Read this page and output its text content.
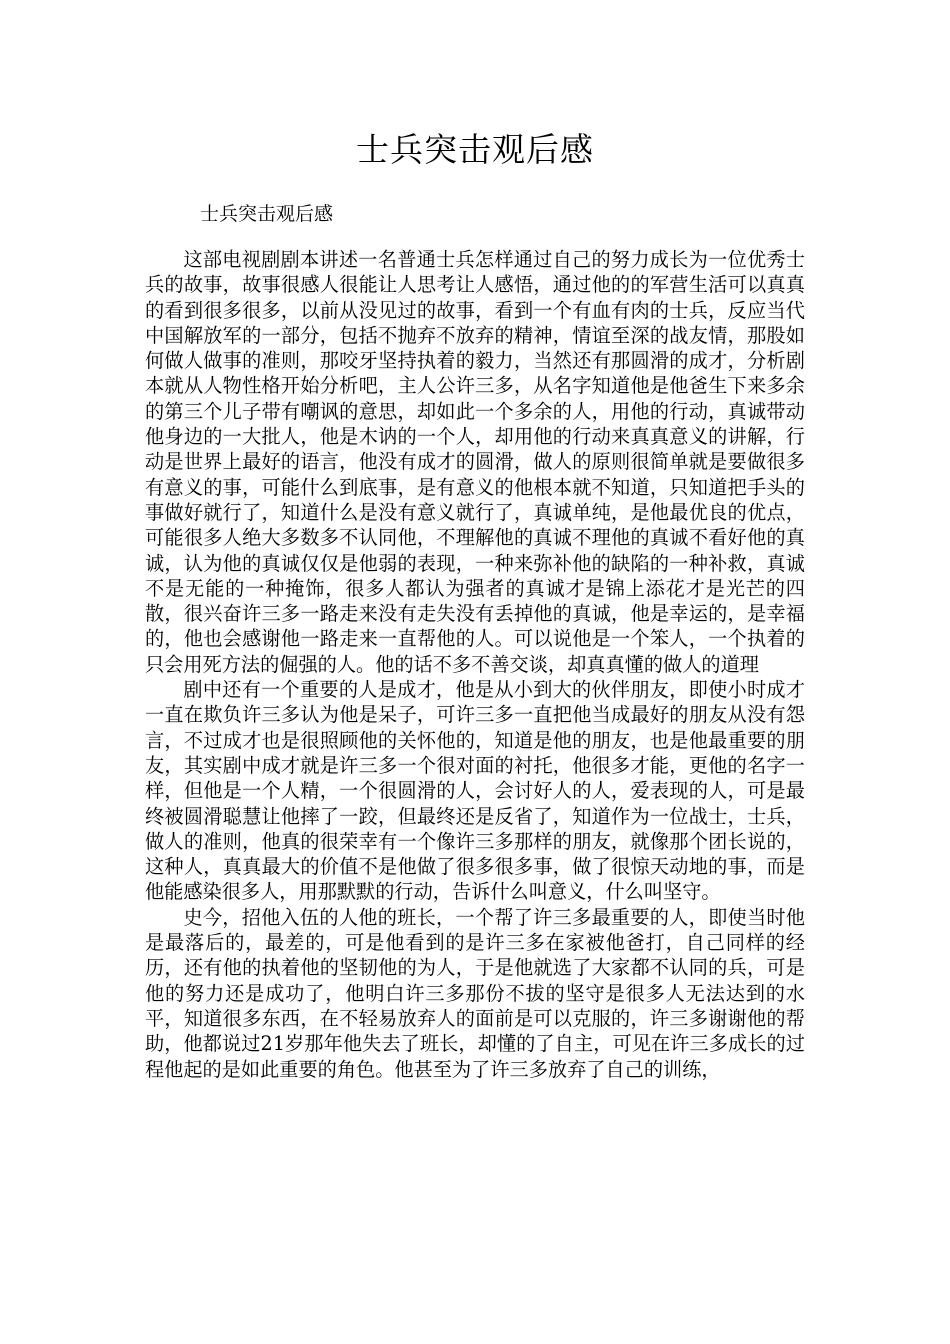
士兵突击观后感
士兵突击观后感

这部电视剧剧本讲述一名普通士兵怎样通过自己的努力成长为一位优秀士兵的故事，故事很感人很能让人思考让人感悟，通过他的的军营生活可以真真的看到很多很多，以前从没见过的故事，看到一个有血有肉的士兵，反应当代中国解放军的一部分，包括不抛弃不放弃的精神，情谊至深的战友情，那股如何做人做事的准则，那咬牙坚持执着的毅力，当然还有那圆滑的成才，分析剧本就从人物性格开始分析吧，主人公许三多，从名字知道他是他爸生下来多余的第三个儿子带有嘲讽的意思，却如此一个多余的人，用他的行动，真诚带动他身边的一大批人，他是木讷的一个人，却用他的行动来真真意义的讲解，行动是世界上最好的语言，他没有成才的圆滑，做人的原则很简单就是要做很多有意义的事，可能什么到底事，是有意义的他根本就不知道，只知道把手头的事做好就行了，知道什么是没有意义就行了，真诚单纯，是他最优良的优点，可能很多人绝大多数多不认同他，不理解他的真诚不理他的真诚不看好他的真诚，认为他的真诚仅仅是他弱的表现，一种来弥补他的缺陷的一种补救，真诚不是无能的一种掩饰，很多人都认为强者的真诚才是锦上添花才是光芒的四散，很兴奋许三多一路走来没有走失没有丢掉他的真诚，他是幸运的，是幸福的，他也会感谢他一路走来一直帮他的人。可以说他是一个笨人，一个执着的只会用死方法的倔强的人。他的话不多不善交谈，却真真懂的做人的道理

剧中还有一个重要的人是成才，他是从小到大的伙伴朋友，即使小时成才一直在欺负许三多认为他是呆子，可许三多一直把他当成最好的朋友从没有怨言，不过成才也是很照顾他的关怀他的，知道是他的朋友，也是他最重要的朋友，其实剧中成才就是许三多一个很对面的衬托，他很多才能，更他的名字一样，但他是一个人精，一个很圆滑的人，会讨好人的人，爱表现的人，可是最终被圆滑聪慧让他摔了一跤，但最终还是反省了，知道作为一位战士，士兵，做人的准则，他真的很荣幸有一个像许三多那样的朋友，就像那个团长说的，这种人，真真最大的价值不是他做了很多很多事，做了很惊天动地的事，而是他能感染很多人，用那默默的行动，告诉什么叫意义，什么叫坚守。

史今，招他入伍的人他的班长，一个帮了许三多最重要的人，即使当时他是最落后的，最差的，可是他看到的是许三多在家被他爸打，自己同样的经历，还有他的执着他的坚韧他的为人，于是他就选了大家都不认同的兵，可是他的努力还是成功了，他明白许三多那份不拔的坚守是很多人无法达到的水平，知道很多东西，在不轻易放弃人的面前是可以克服的，许三多谢谢他的帮助，他都说过21岁那年他失去了班长，却懂的了自主，可见在许三多成长的过程他起的是如此重要的角色。他甚至为了许三多放弃了自己的训练，
